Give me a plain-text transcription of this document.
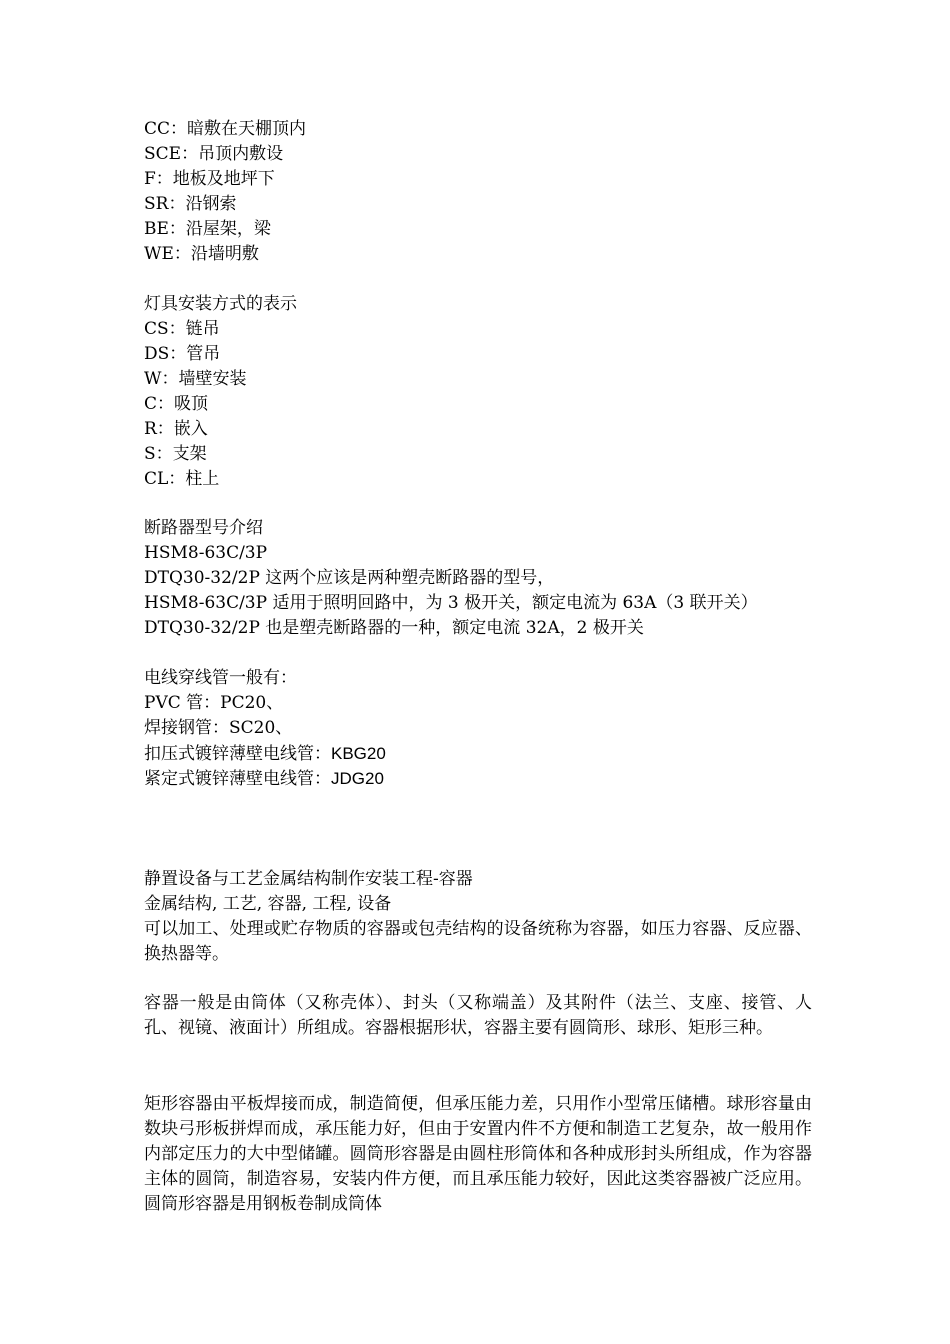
CC：暗敷在天棚顶内

SCE：吊顶内敷设

F：地板及地坪下

SR：沿钢索

BE：沿屋架，梁

WE：沿墙明敷

灯具安装方式的表示

CS：链吊

DS：管吊

W：墙壁安装

C：吸顶

R：嵌入

S：支架

CL：柱上

断路器型号介绍

HSM8-63C/3P

DTQ30-32/2P 这两个应该是两种塑壳断路器的型号，

HSM8-63C/3P 适用于照明回路中，为 3 极开关，额定电流为 63A（3 联开关）

DTQ30-32/2P 也是塑壳断路器的一种，额定电流 32A，2 极开关

电线穿线管一般有：

PVC 管：PC20、

焊接钢管：SC20、

扣压式镀锌薄壁电线管：KBG20

紧定式镀锌薄壁电线管：JDG20

静置设备与工艺金属结构制作安装工程-容器

金属结构, 工艺, 容器, 工程, 设备

可以加工、处理或贮存物质的容器或包壳结构的设备统称为容器，如压力容器、反应器、换热器等。

容器一般是由筒体（又称壳体）、封头（又称端盖）及其附件（法兰、支座、接管、人孔、视镜、液面计）所组成。容器根据形状，容器主要有圆筒形、球形、矩形三种。

矩形容器由平板焊接而成，制造简便，但承压能力差，只用作小型常压储槽。球形容量由数块弓形板拼焊而成，承压能力好，但由于安置内件不方便和制造工艺复杂，故一般用作内部定压力的大中型储罐。圆筒形容器是由圆柱形筒体和各种成形封头所组成，作为容器主体的圆筒，制造容易，安装内件方便，而且承压能力较好，因此这类容器被广泛应用。圆筒形容器是用钢板卷制成筒体
